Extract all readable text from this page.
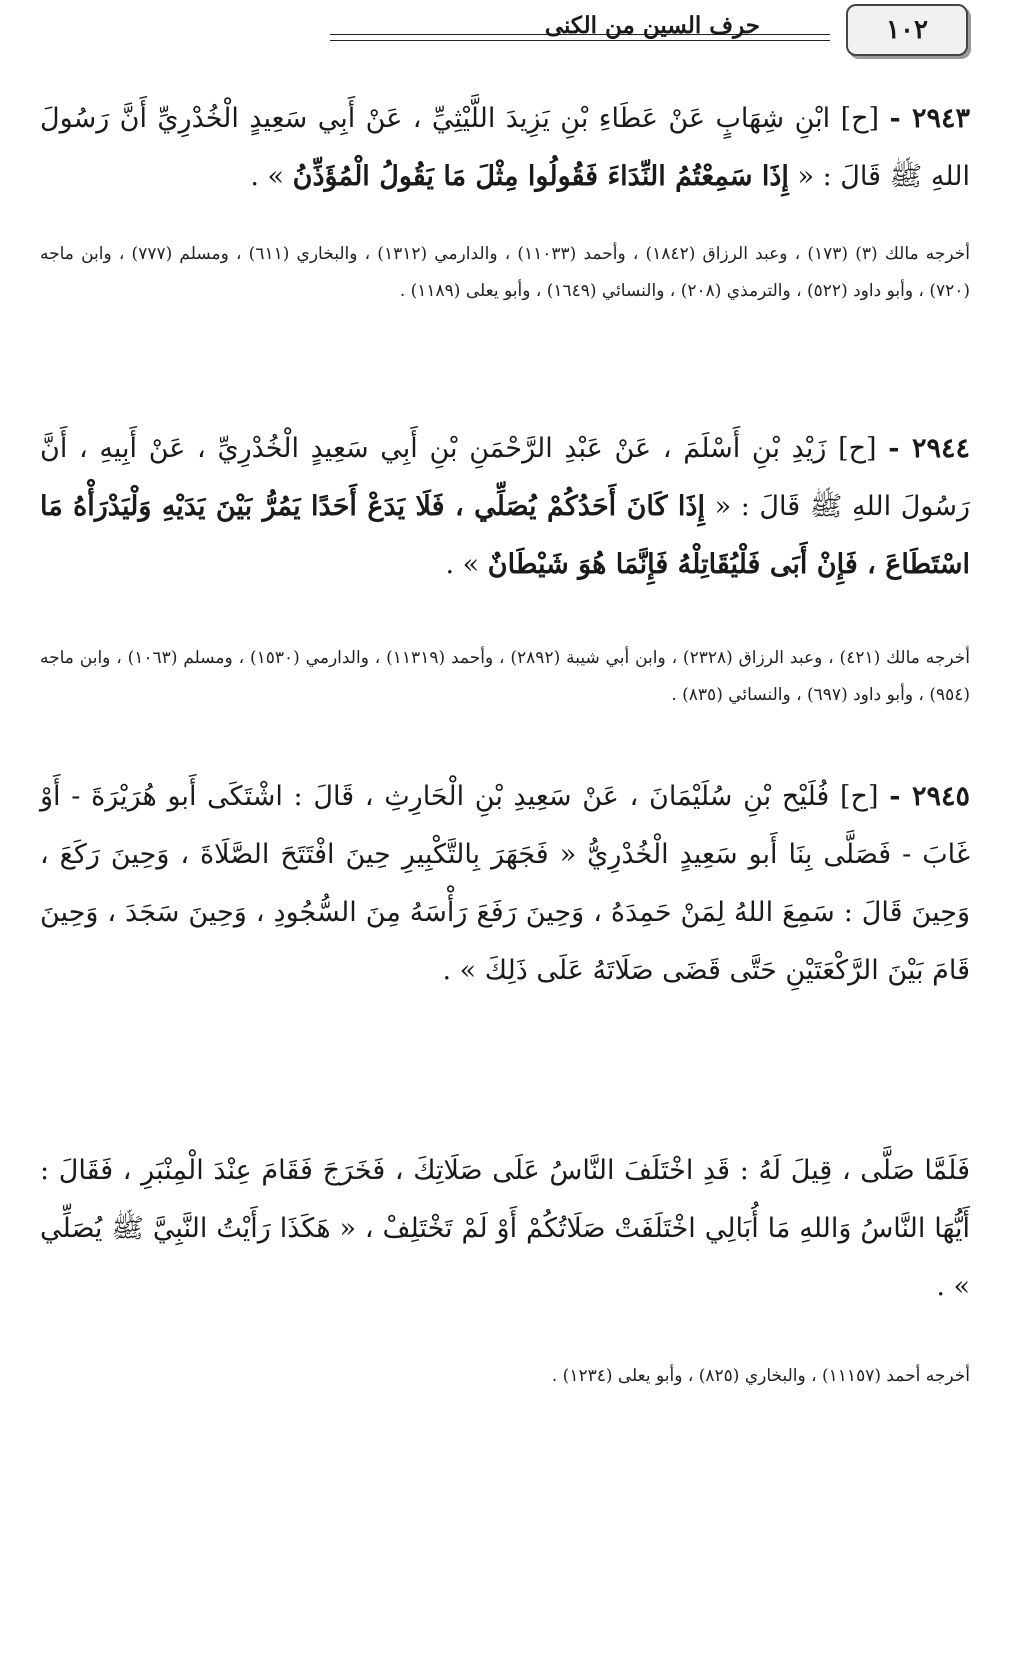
١٠٢
حرف السين من الكنى
٢٩٤٣ - [ح] ابْنِ شِهَابٍ عَنْ عَطَاءِ بْنِ يَزِيدَ اللَّيْثِيِّ ، عَنْ أَبِي سَعِيدٍ الْخُدْرِيِّ أَنَّ رَسُولَ اللهِ ﷺ قَالَ : « إِذَا سَمِعْتُمُ النِّدَاءَ فَقُولُوا مِثْلَ مَا يَقُولُ الْمُؤَذِّنُ » .
أخرجه مالك (٣) (١٧٣) ، وعبد الرزاق (١٨٤٢) ، وأحمد (١١٠٣٣) ، والدارمي (١٣١٢) ، والبخاري (٦١١) ، ومسلم (٧٧٧) ، وابن ماجه (٧٢٠) ، وأبو داود (٥٢٢) ، والترمذي (٢٠٨) ، والنسائي (١٦٤٩) ، وأبو يعلى (١١٨٩) .
٢٩٤٤ - [ح] زَيْدِ بْنِ أَسْلَمَ ، عَنْ عَبْدِ الرَّحْمَنِ بْنِ أَبِي سَعِيدٍ الْخُدْرِيِّ ، عَنْ أَبِيهِ ، أَنَّ رَسُولَ اللهِ ﷺ قَالَ : « إِذَا كَانَ أَحَدُكُمْ يُصَلِّي ، فَلَا يَدَعْ أَحَدًا يَمُرُّ بَيْنَ يَدَيْهِ وَلْيَدْرَأْهُ مَا اسْتَطَاعَ ، فَإِنْ أَبَى فَلْيُقَاتِلْهُ فَإِنَّمَا هُوَ شَيْطَانٌ » .
أخرجه مالك (٤٢١) ، وعبد الرزاق (٢٣٢٨) ، وابن أبي شيبة (٢٨٩٢) ، وأحمد (١١٣١٩) ، والدارمي (١٥٣٠) ، ومسلم (١٠٦٣) ، وابن ماجه (٩٥٤) ، وأبو داود (٦٩٧) ، والنسائي (٨٣٥) .
٢٩٤٥ - [ح] فُلَيْح بْنِ سُلَيْمَانَ ، عَنْ سَعِيدِ بْنِ الْحَارِثِ ، قَالَ : اشْتَكَى أَبو هُرَيْرَةَ - أَوْ غَابَ - فَصَلَّى بِنَا أَبو سَعِيدٍ الْخُدْرِيُّ « فَجَهَرَ بِالتَّكْبِيرِ حِينَ افْتَتَحَ الصَّلَاةَ ، وَحِينَ رَكَعَ ، وَحِينَ قَالَ : سَمِعَ اللهُ لِمَنْ حَمِدَهُ ، وَحِينَ رَفَعَ رَأْسَهُ مِنَ السُّجُودِ ، وَحِينَ سَجَدَ ، وَحِينَ قَامَ بَيْنَ الرَّكْعَتَيْنِ حَتَّى قَضَى صَلَاتَهُ عَلَى ذَلِكَ » .
فَلَمَّا صَلَّى ، قِيلَ لَهُ : قَدِ اخْتَلَفَ النَّاسُ عَلَى صَلَاتِكَ ، فَخَرَجَ فَقَامَ عِنْدَ الْمِنْبَرِ ، فَقَالَ : أَيُّهَا النَّاسُ وَاللهِ مَا أُبَالِي اخْتَلَفَتْ صَلَاتُكُمْ أَوْ لَمْ تَخْتَلِفْ ، « هَكَذَا رَأَيْتُ النَّبِيَّ ﷺ يُصَلِّي » .
أخرجه أحمد (١١١٥٧) ، والبخاري (٨٢٥) ، وأبو يعلى (١٢٣٤) .
